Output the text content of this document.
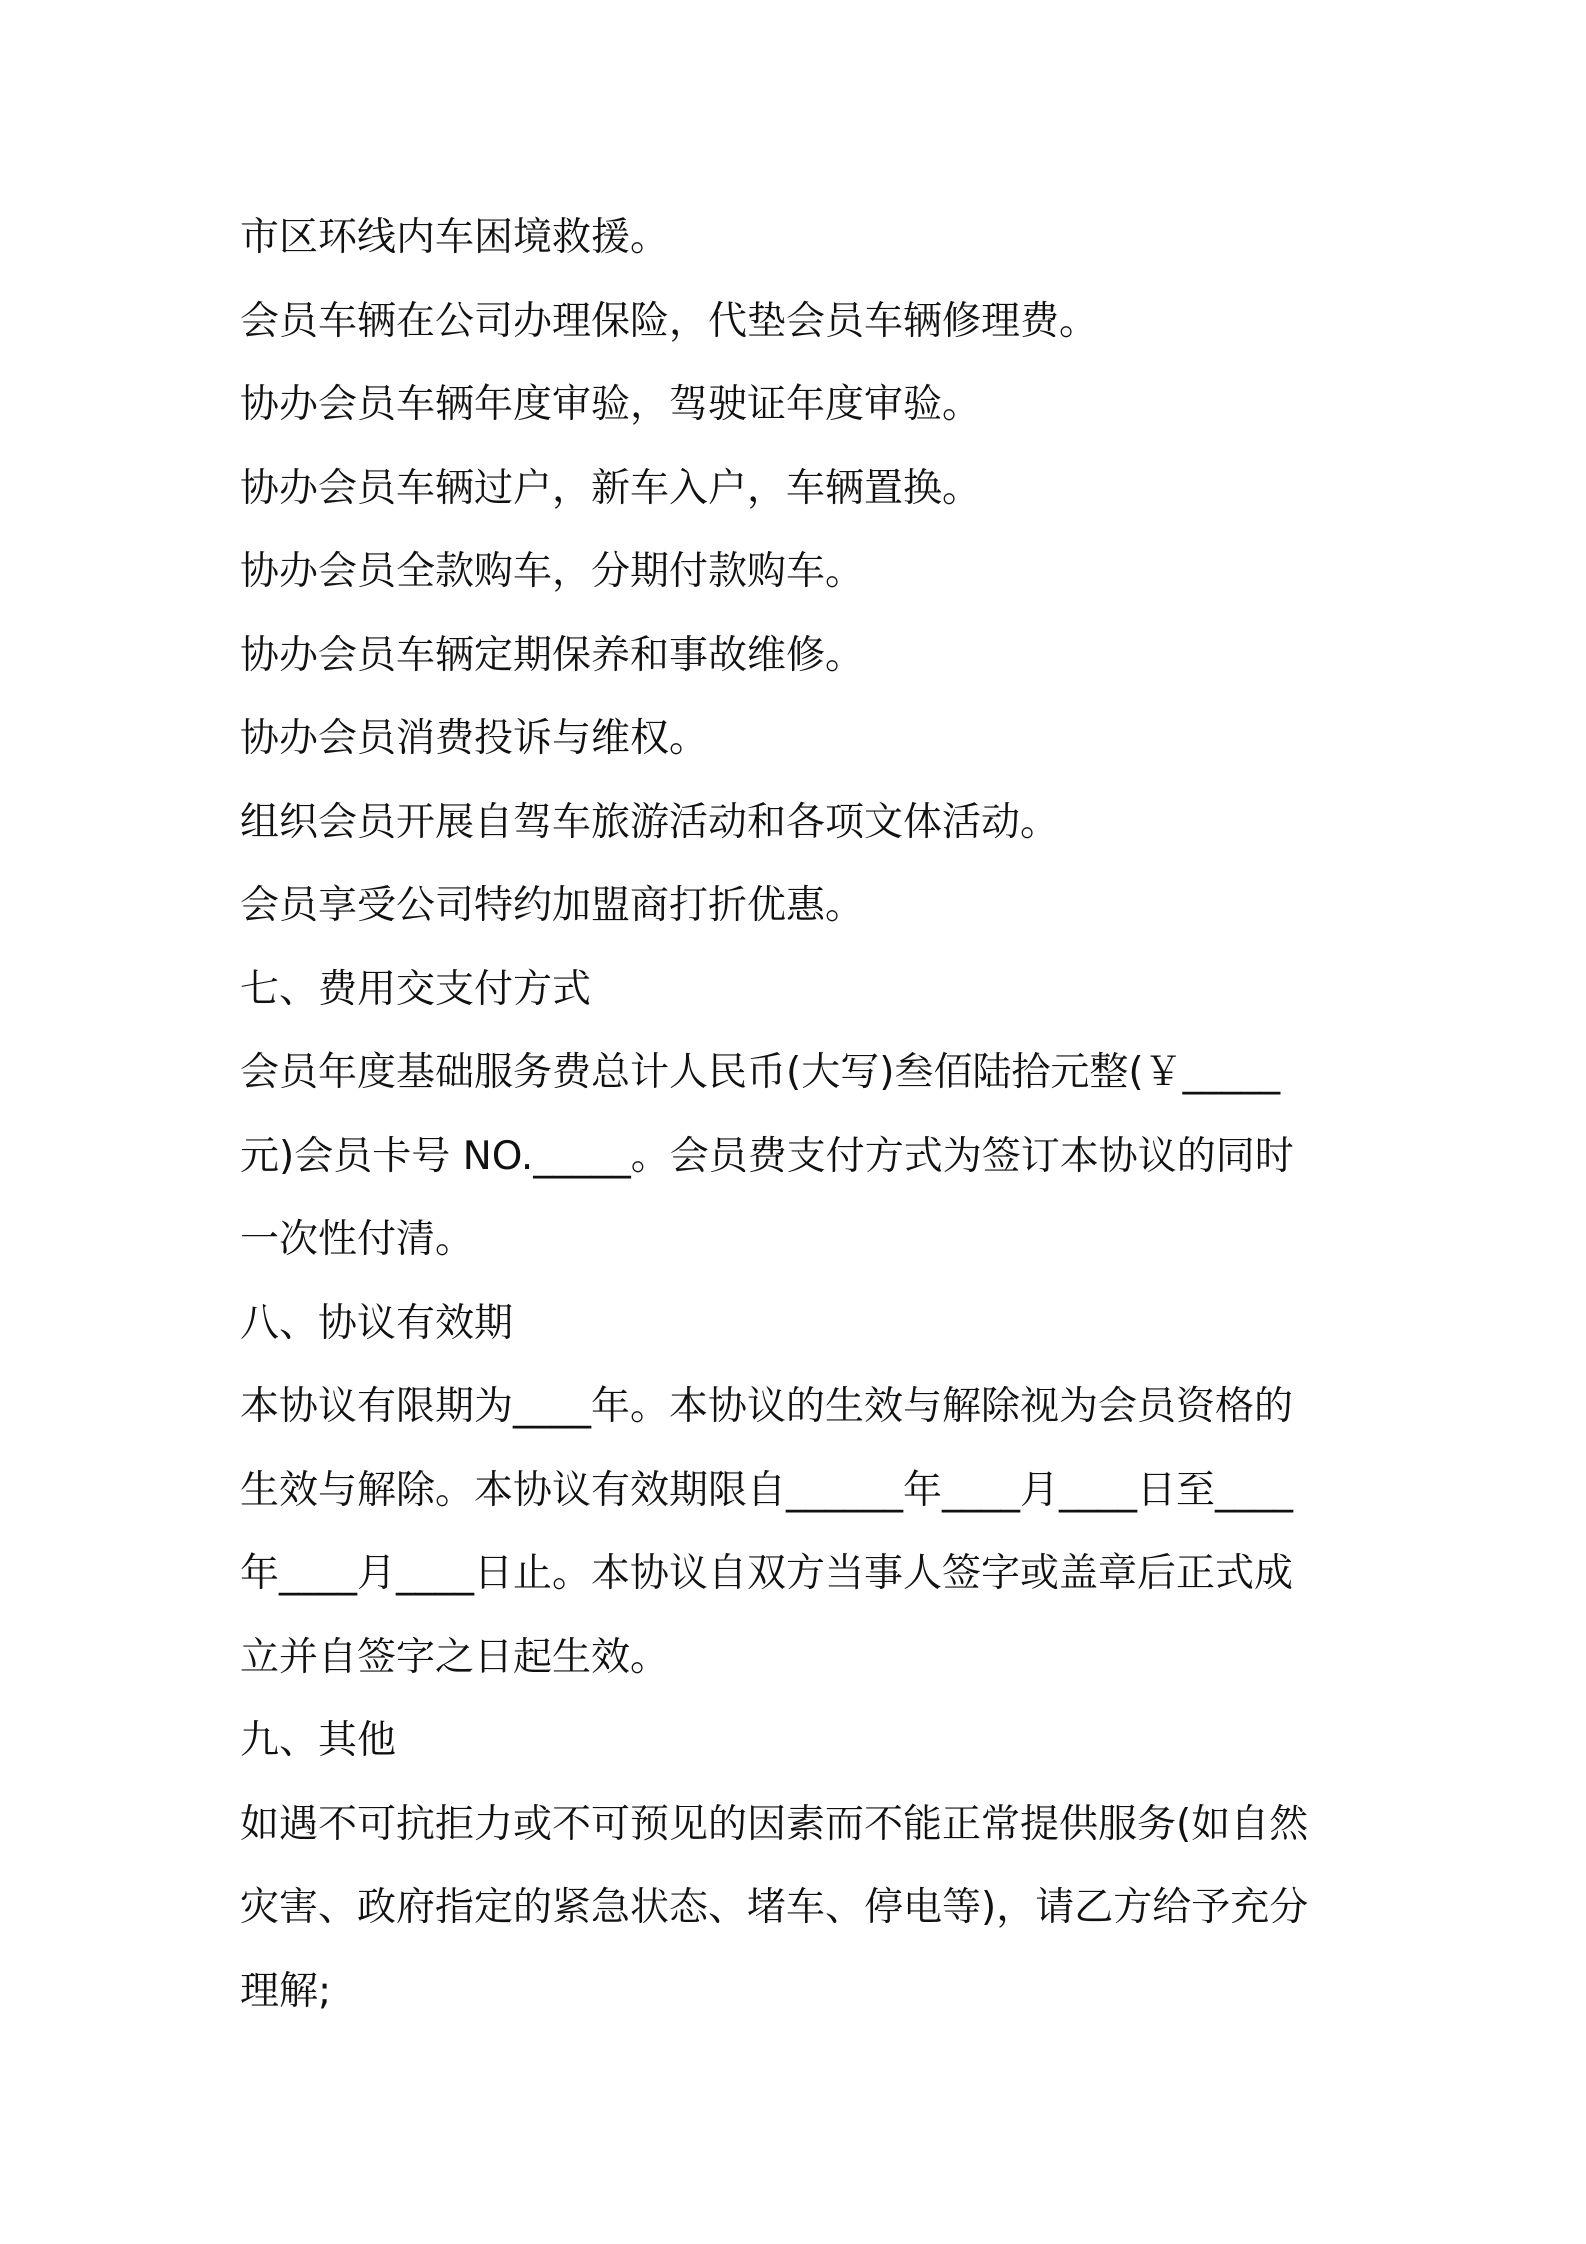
市区环线内车困境救援。
会员车辆在公司办理保险，代垫会员车辆修理费。
协办会员车辆年度审验，驾驶证年度审验。
协办会员车辆过户，新车入户，车辆置换。
协办会员全款购车，分期付款购车。
协办会员车辆定期保养和事故维修。
协办会员消费投诉与维权。
组织会员开展自驾车旅游活动和各项文体活动。
会员享受公司特约加盟商打折优惠。
七、费用交支付方式
会员年度基础服务费总计人民币(大写)叁佰陆拾元整(￥_____
元)会员卡号 NO._____。会员费支付方式为签订本协议的同时
一次性付清。
八、协议有效期
本协议有限期为____年。本协议的生效与解除视为会员资格的
生效与解除。本协议有效期限自______年____月____日至____
年____月____日止。本协议自双方当事人签字或盖章后正式成
立并自签字之日起生效。
九、其他
如遇不可抗拒力或不可预见的因素而不能正常提供服务(如自然
灾害、政府指定的紧急状态、堵车、停电等)，请乙方给予充分
理解;
